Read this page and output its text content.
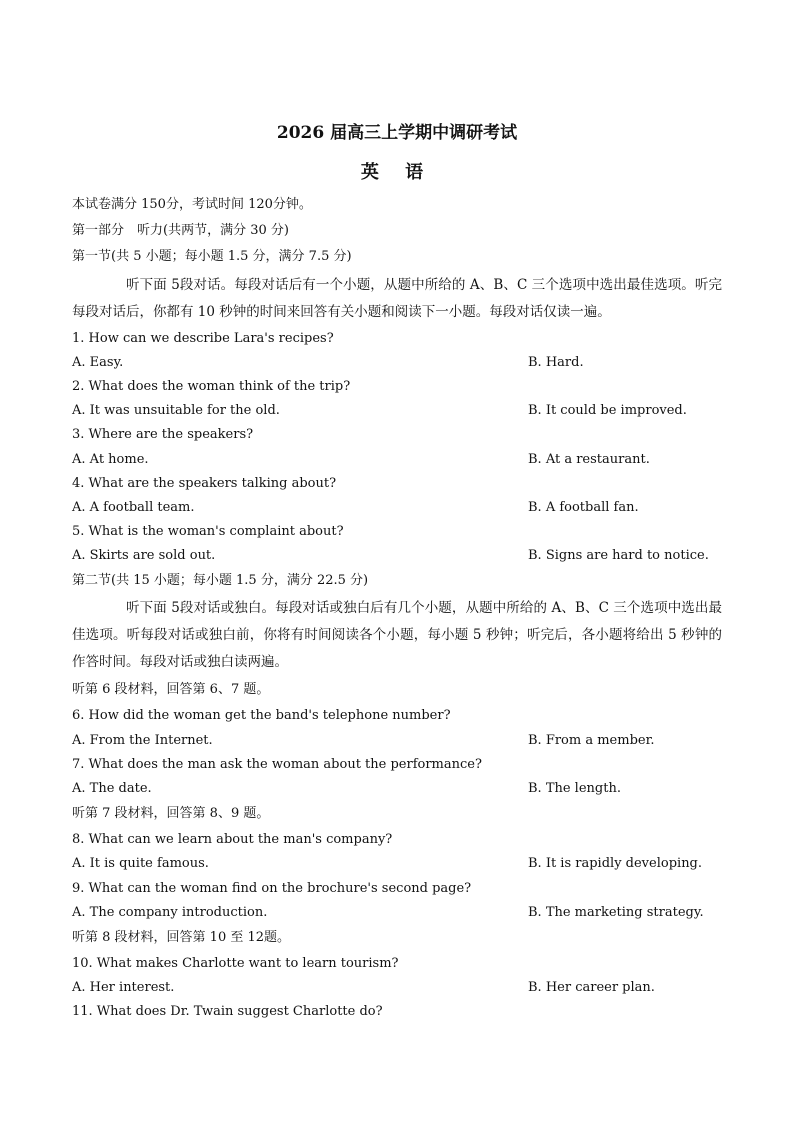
2026 届高三上学期中调研考试
英 语
本试卷满分 150分，考试时间 120分钟。
第一部分　听力(共两节，满分 30 分)
第一节(共 5 小题；每小题 1.5 分，满分 7.5 分)
听下面 5段对话。每段对话后有一个小题，从题中所给的 A、B、C 三个选项中选出最佳选项。听完每段对话后，你都有 10 秒钟的时间来回答有关小题和阅读下一小题。每段对话仅读一遍。
1. How can we describe Lara's recipes?
A. Easy.	B. Hard.
2. What does the woman think of the trip?
A. It was unsuitable for the old.	B. It could be improved.
3. Where are the speakers?
A. At home.	B. At a restaurant.
4. What are the speakers talking about?
A. A football team.	B. A football fan.
5. What is the woman's complaint about?
A. Skirts are sold out.	B. Signs are hard to notice.
第二节(共 15 小题；每小题 1.5 分，满分 22.5 分)
听下面 5段对话或独白。每段对话或独白后有几个小题，从题中所给的 A、B、C 三个选项中选出最佳选项。听每段对话或独白前，你将有时间阅读各个小题，每小题 5 秒钟；听完后，各小题将给出 5 秒钟的作答时间。每段对话或独白读两遍。
听第 6 段材料，回答第 6、7 题。
6. How did the woman get the band's telephone number?
A. From the Internet.	B. From a member.
7. What does the man ask the woman about the performance?
A. The date.	B. The length.
听第 7 段材料，回答第 8、9 题。
8. What can we learn about the man's company?
A. It is quite famous.	B. It is rapidly developing.
9. What can the woman find on the brochure's second page?
A. The company introduction.	B. The marketing strategy.
听第 8 段材料，回答第 10 至 12题。
10. What makes Charlotte want to learn tourism?
A. Her interest.	B. Her career plan.
11. What does Dr. Twain suggest Charlotte do?
